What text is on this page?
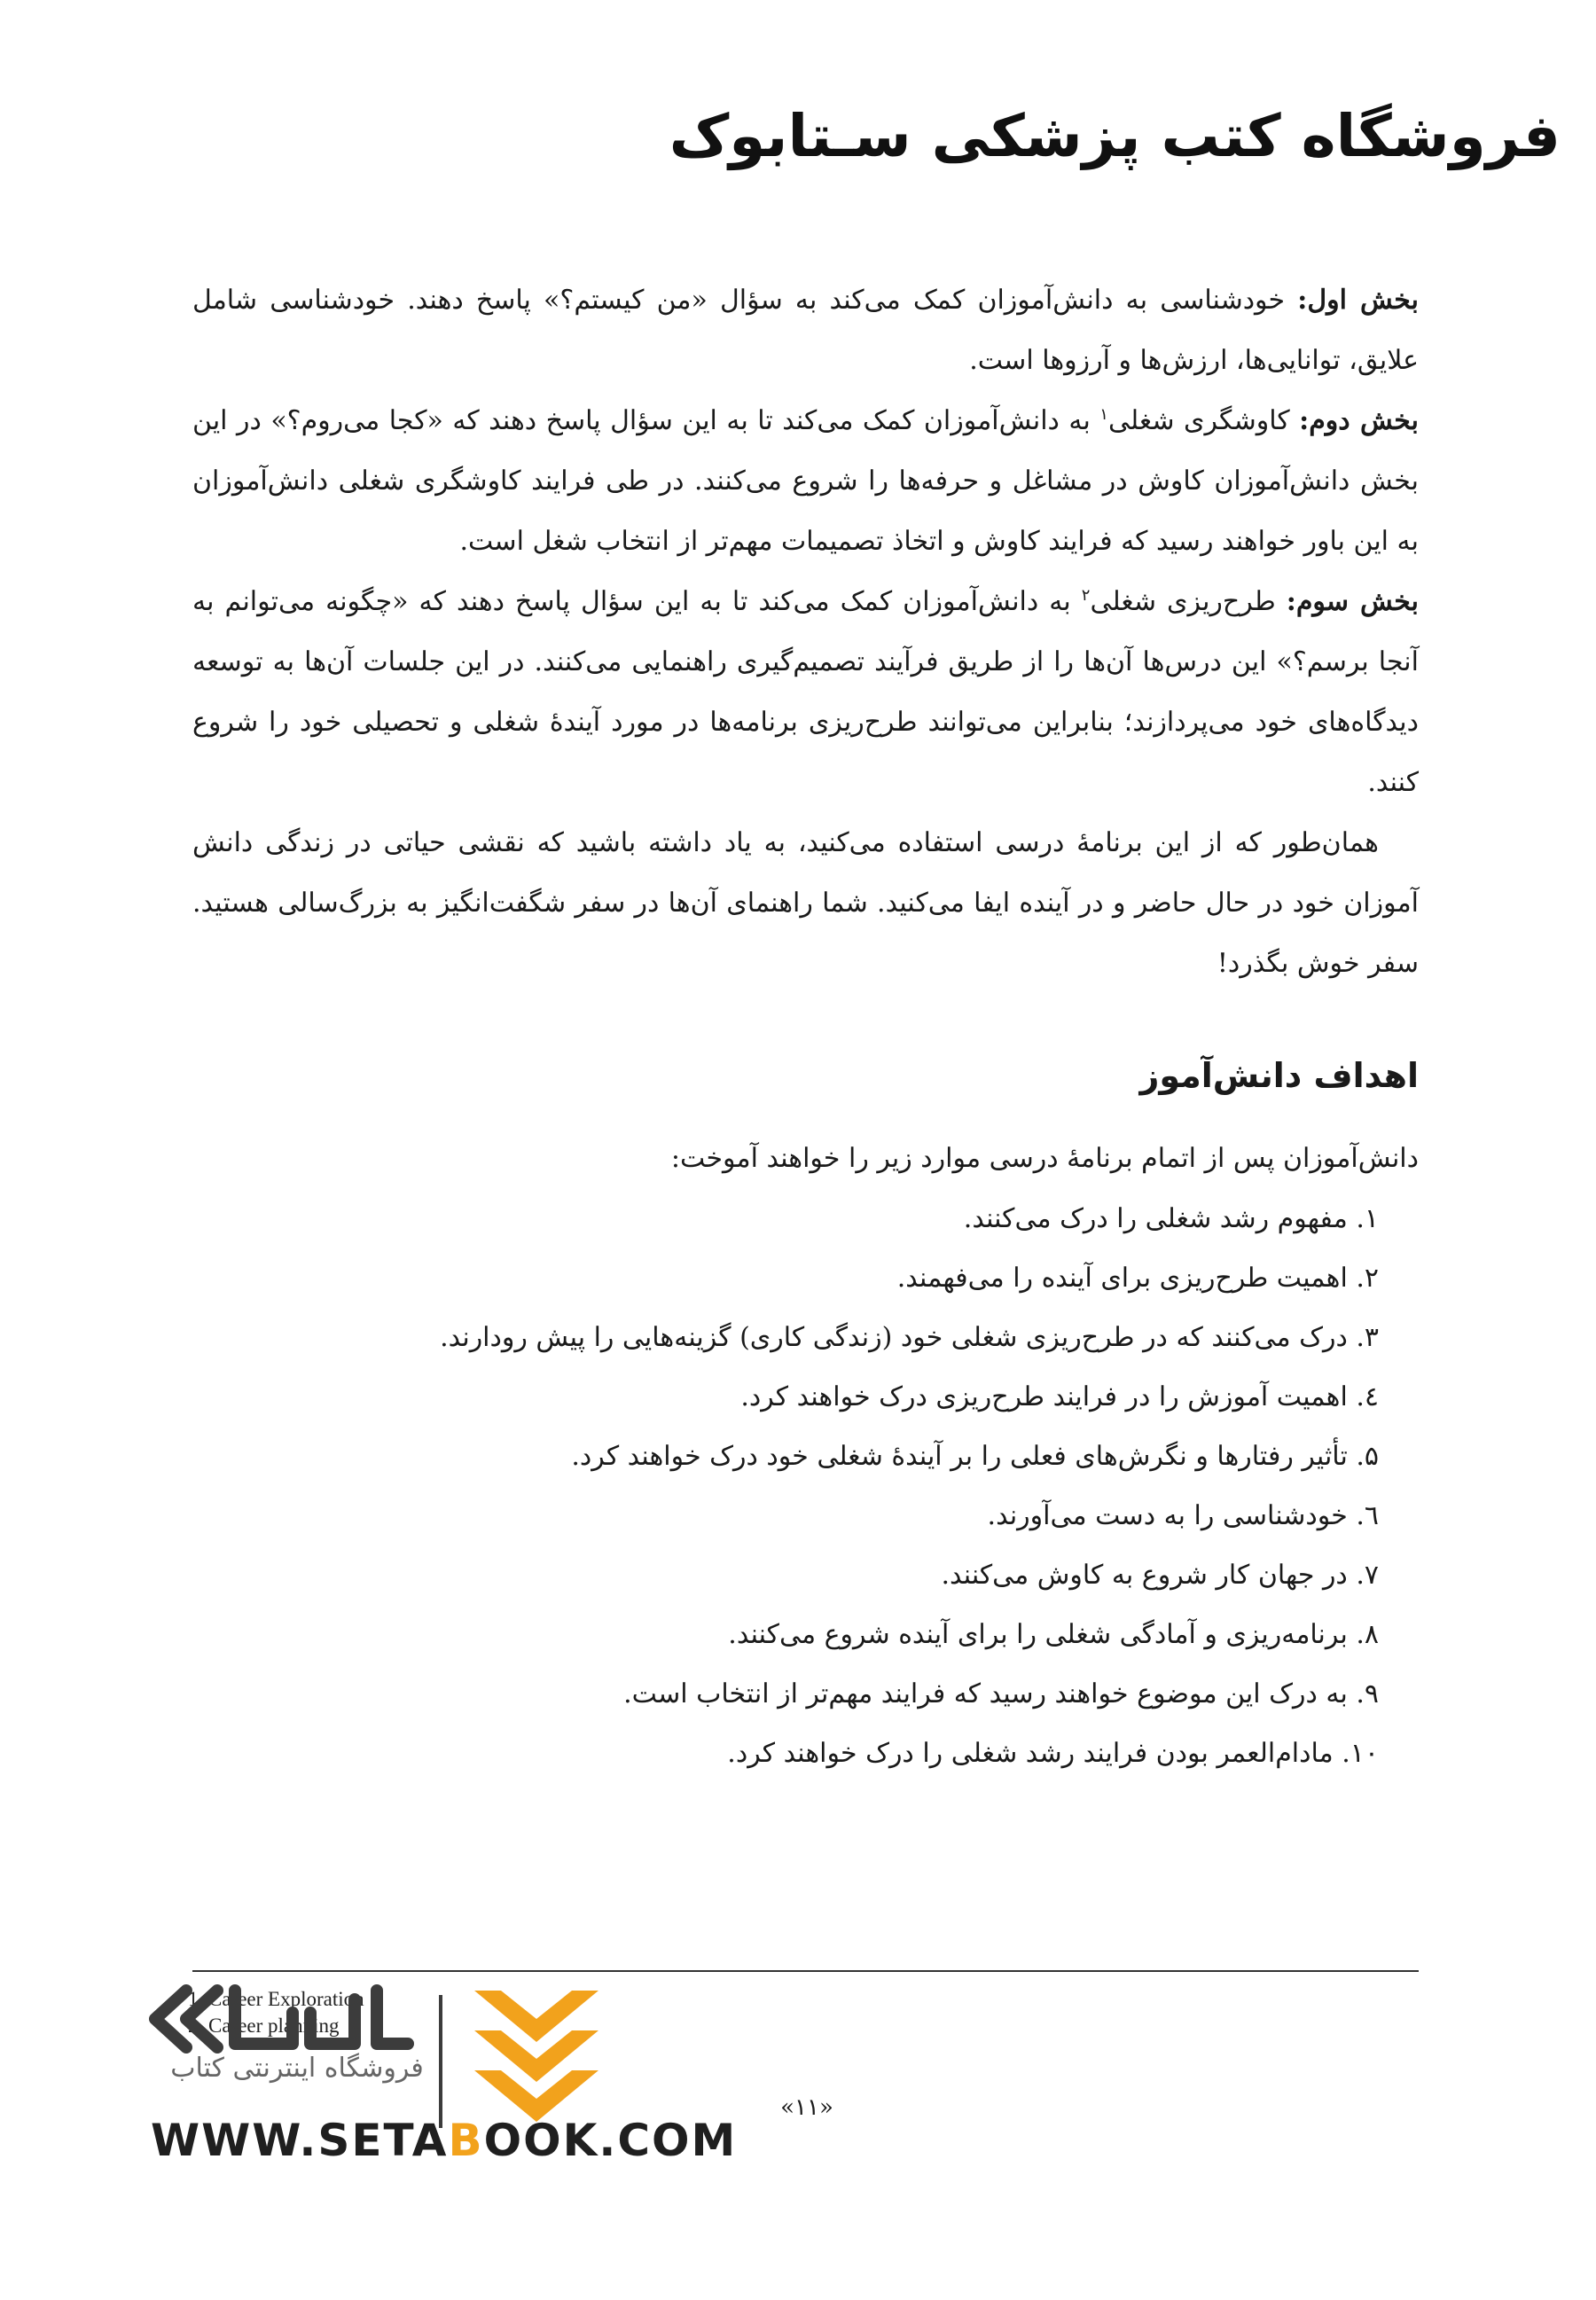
فروشگاه کتب پزشکی سـتابوک

بخش اول: خودشناسی به دانش‌آموزان کمک می‌کند به سؤال «من کیستم؟» پاسخ دهند. خودشناسی شامل علایق، توانایی‌ها، ارزش‌ها و آرزوها است.

بخش دوم: کاوشگری شغلی$^۱$ به دانش‌آموزان کمک می‌کند تا به این سؤال پاسخ دهند که «کجا می‌روم؟» در این بخش دانش‌آموزان کاوش در مشاغل و حرفه‌ها را شروع می‌کنند. در طی فرایند کاوشگری شغلی دانش‌آموزان به این باور خواهند رسید که فرایند کاوش و اتخاذ تصمیمات مهم‌تر از انتخاب شغل است.

بخش سوم: طرح‌ریزی شغلی$^۲$ به دانش‌آموزان کمک می‌کند تا به این سؤال پاسخ دهند که «چگونه می‌توانم به آنجا برسم؟» این درس‌ها آن‌ها را از طریق فرآیند تصمیم‌گیری راهنمایی می‌کنند. در این جلسات آن‌ها به توسعه دیدگاه‌های خود می‌پردازند؛ بنابراین می‌توانند طرح‌ریزی برنامه‌ها در مورد آیندۀ شغلی و تحصیلی خود را شروع کنند.

همان‌طور که از این برنامۀ درسی استفاده می‌کنید، به یاد داشته باشید که نقشی حیاتی در زندگی دانش آموزان خود در حال حاضر و در آینده ایفا می‌کنید. شما راهنمای آن‌ها در سفر شگفت‌انگیز به بزرگ‌سالی هستید. سفر خوش بگذرد!

اهداف دانش‌آموز

دانش‌آموزان پس از اتمام برنامۀ درسی موارد زیر را خواهند آموخت:

۱. مفهوم رشد شغلی را درک می‌کنند.
۲. اهمیت طرح‌ریزی برای آینده را می‌فهمند.
۳. درک می‌کنند که در طرح‌ریزی شغلی خود (زندگی کاری) گزینه‌هایی را پیش رودارند.
٤. اهمیت آموزش را در فرایند طرح‌ریزی درک خواهند کرد.
۵. تأثیر رفتارها و نگرش‌های فعلی را بر آیندۀ شغلی خود درک خواهند کرد.
٦. خودشناسی را به دست می‌آورند.
۷. در جهان کار شروع به کاوش می‌کنند.
۸. برنامه‌ریزی و آمادگی شغلی را برای آینده شروع می‌کنند.
۹. به درک این موضوع خواهند رسید که فرایند مهم‌تر از انتخاب است.
۱۰. مادام‌العمر بودن فرایند رشد شغلی را درک خواهند کرد.
1. Career Exploration
2. Career planning
«۱۱»
فروشگاه اینترنتی کتاب
WWW.SETABOOK.COM
